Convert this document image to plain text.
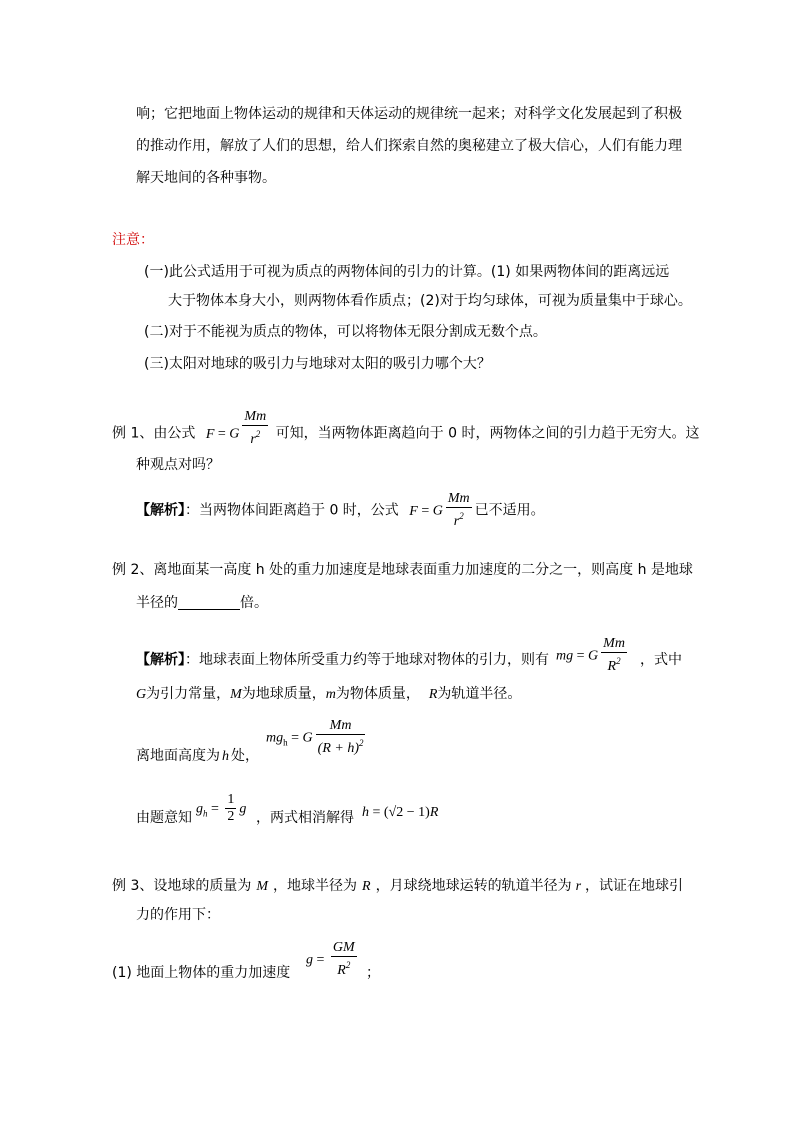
响；它把地面上物体运动的规律和天体运动的规律统一起来；对科学文化发展起到了积极
的推动作用，解放了人们的思想，给人们探索自然的奥秘建立了极大信心，人们有能力理
解天地间的各种事物。
注意：
(一)此公式适用于可视为质点的两物体间的引力的计算。(1) 如果两物体间的距离远远
大于物体本身大小，则两物体看作质点；(2)对于均匀球体，可视为质量集中于球心。
(二)对于不能视为质点的物体，可以将物体无限分割成无数个点。
(三)太阳对地球的吸引力与地球对太阳的吸引力哪个大？
例 1、由公式 F = G $\frac{Mm}{r^2}$ 可知，当两物体距离趋向于 0 时，两物体之间的引力趋于无穷大。这
种观点对吗？
【解析】：当两物体间距离趋于 0 时，公式 F = G $\frac{Mm}{r^2}$ 已不适用。
例 2、离地面某一高度 h 处的重力加速度是地球表面重力加速度的二分之一，则高度 h 是地球
半径的	倍。
【解析】：地球表面上物体所受重力约等于地球对物体的引力，则有 mg = G $\frac{Mm}{R^2}$ ，式中
G为引力常量，M为地球质量，m为物体质量， R为轨道半径。
$mg_h = G \frac{Mm}{(R + h)^2}$
离地面高度为 h 处，
由题意知
$g_h = \frac{1}{2}$ g
，两式相消解得 h = (√2 − 1)R
例 3、设地球的质量为 M ，地球半径为 R ，月球绕地球运转的轨道半径为 r ，试证在地球引
力的作用下：
(1) 地面上物体的重力加速度
$g = \frac{GM}{R^2}$ ；
